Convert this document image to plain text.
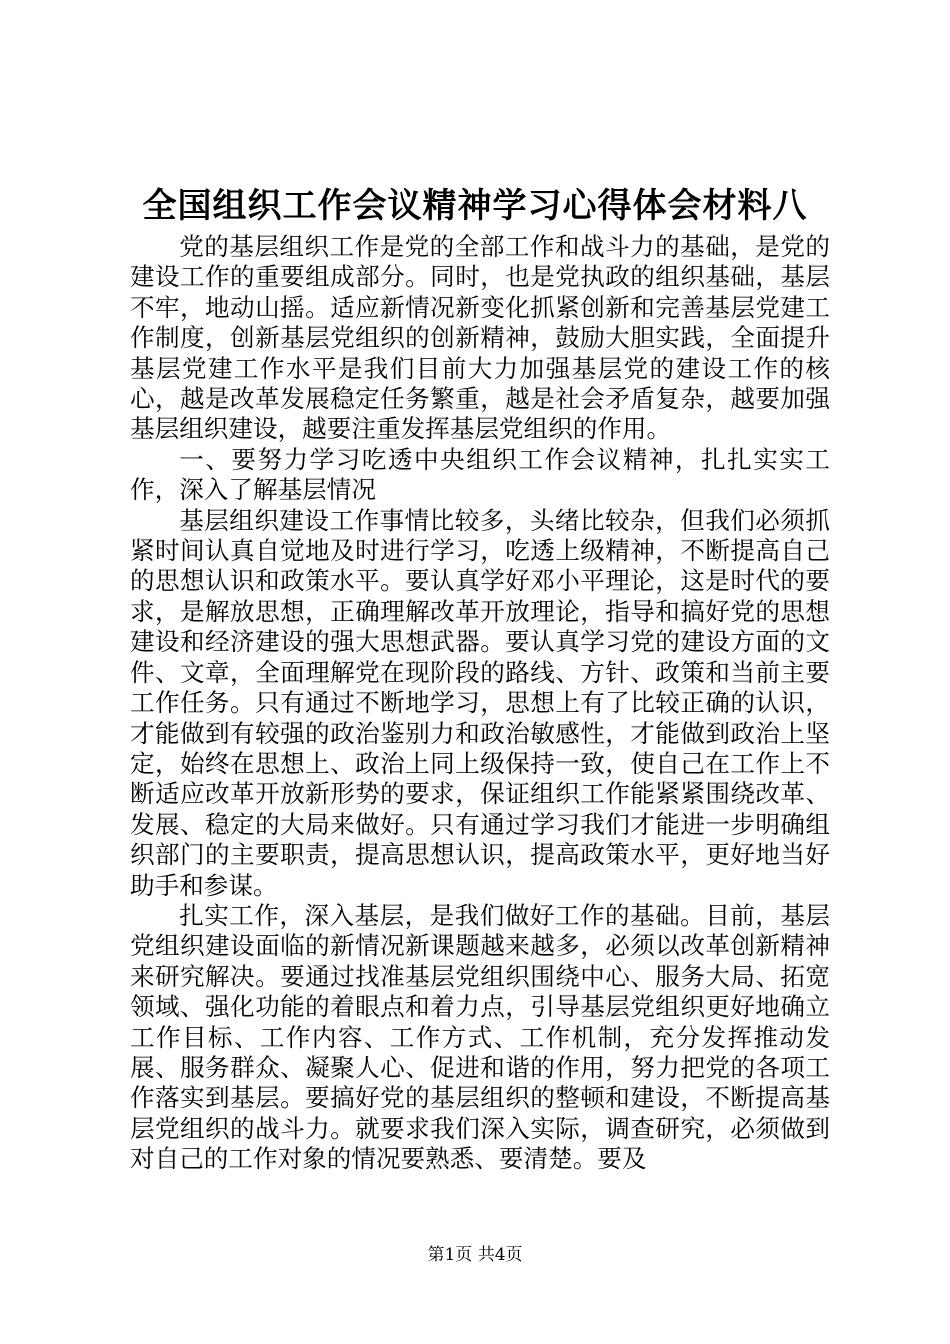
全国组织工作会议精神学习心得体会材料八

党的基层组织工作是党的全部工作和战斗力的基础，是党的建设工作的重要组成部分。同时，也是党执政的组织基础，基层不牢，地动山摇。适应新情况新变化抓紧创新和完善基层党建工作制度，创新基层党组织的创新精神，鼓励大胆实践，全面提升基层党建工作水平是我们目前大力加强基层党的建设工作的核心，越是改革发展稳定任务繁重，越是社会矛盾复杂，越要加强基层组织建设，越要注重发挥基层党组织的作用。

一、要努力学习吃透中央组织工作会议精神，扎扎实实工作，深入了解基层情况

基层组织建设工作事情比较多，头绪比较杂，但我们必须抓紧时间认真自觉地及时进行学习，吃透上级精神，不断提高自己的思想认识和政策水平。要认真学好邓小平理论，这是时代的要求，是解放思想，正确理解改革开放理论，指导和搞好党的思想建设和经济建设的强大思想武器。要认真学习党的建设方面的文件、文章，全面理解党在现阶段的路线、方针、政策和当前主要工作任务。只有通过不断地学习，思想上有了比较正确的认识，才能做到有较强的政治鉴别力和政治敏感性，才能做到政治上坚定，始终在思想上、政治上同上级保持一致，使自己在工作上不断适应改革开放新形势的要求，保证组织工作能紧紧围绕改革、发展、稳定的大局来做好。只有通过学习我们才能进一步明确组织部门的主要职责，提高思想认识，提高政策水平，更好地当好助手和参谋。

扎实工作，深入基层，是我们做好工作的基础。目前，基层党组织建设面临的新情况新课题越来越多，必须以改革创新精神来研究解决。要通过找准基层党组织围绕中心、服务大局、拓宽领域、强化功能的着眼点和着力点，引导基层党组织更好地确立工作目标、工作内容、工作方式、工作机制，充分发挥推动发展、服务群众、凝聚人心、促进和谐的作用，努力把党的各项工作落实到基层。要搞好党的基层组织的整顿和建设，不断提高基层党组织的战斗力。就要求我们深入实际，调查研究，必须做到对自己的工作对象的情况要熟悉、要清楚。要及

第1页 共4页
